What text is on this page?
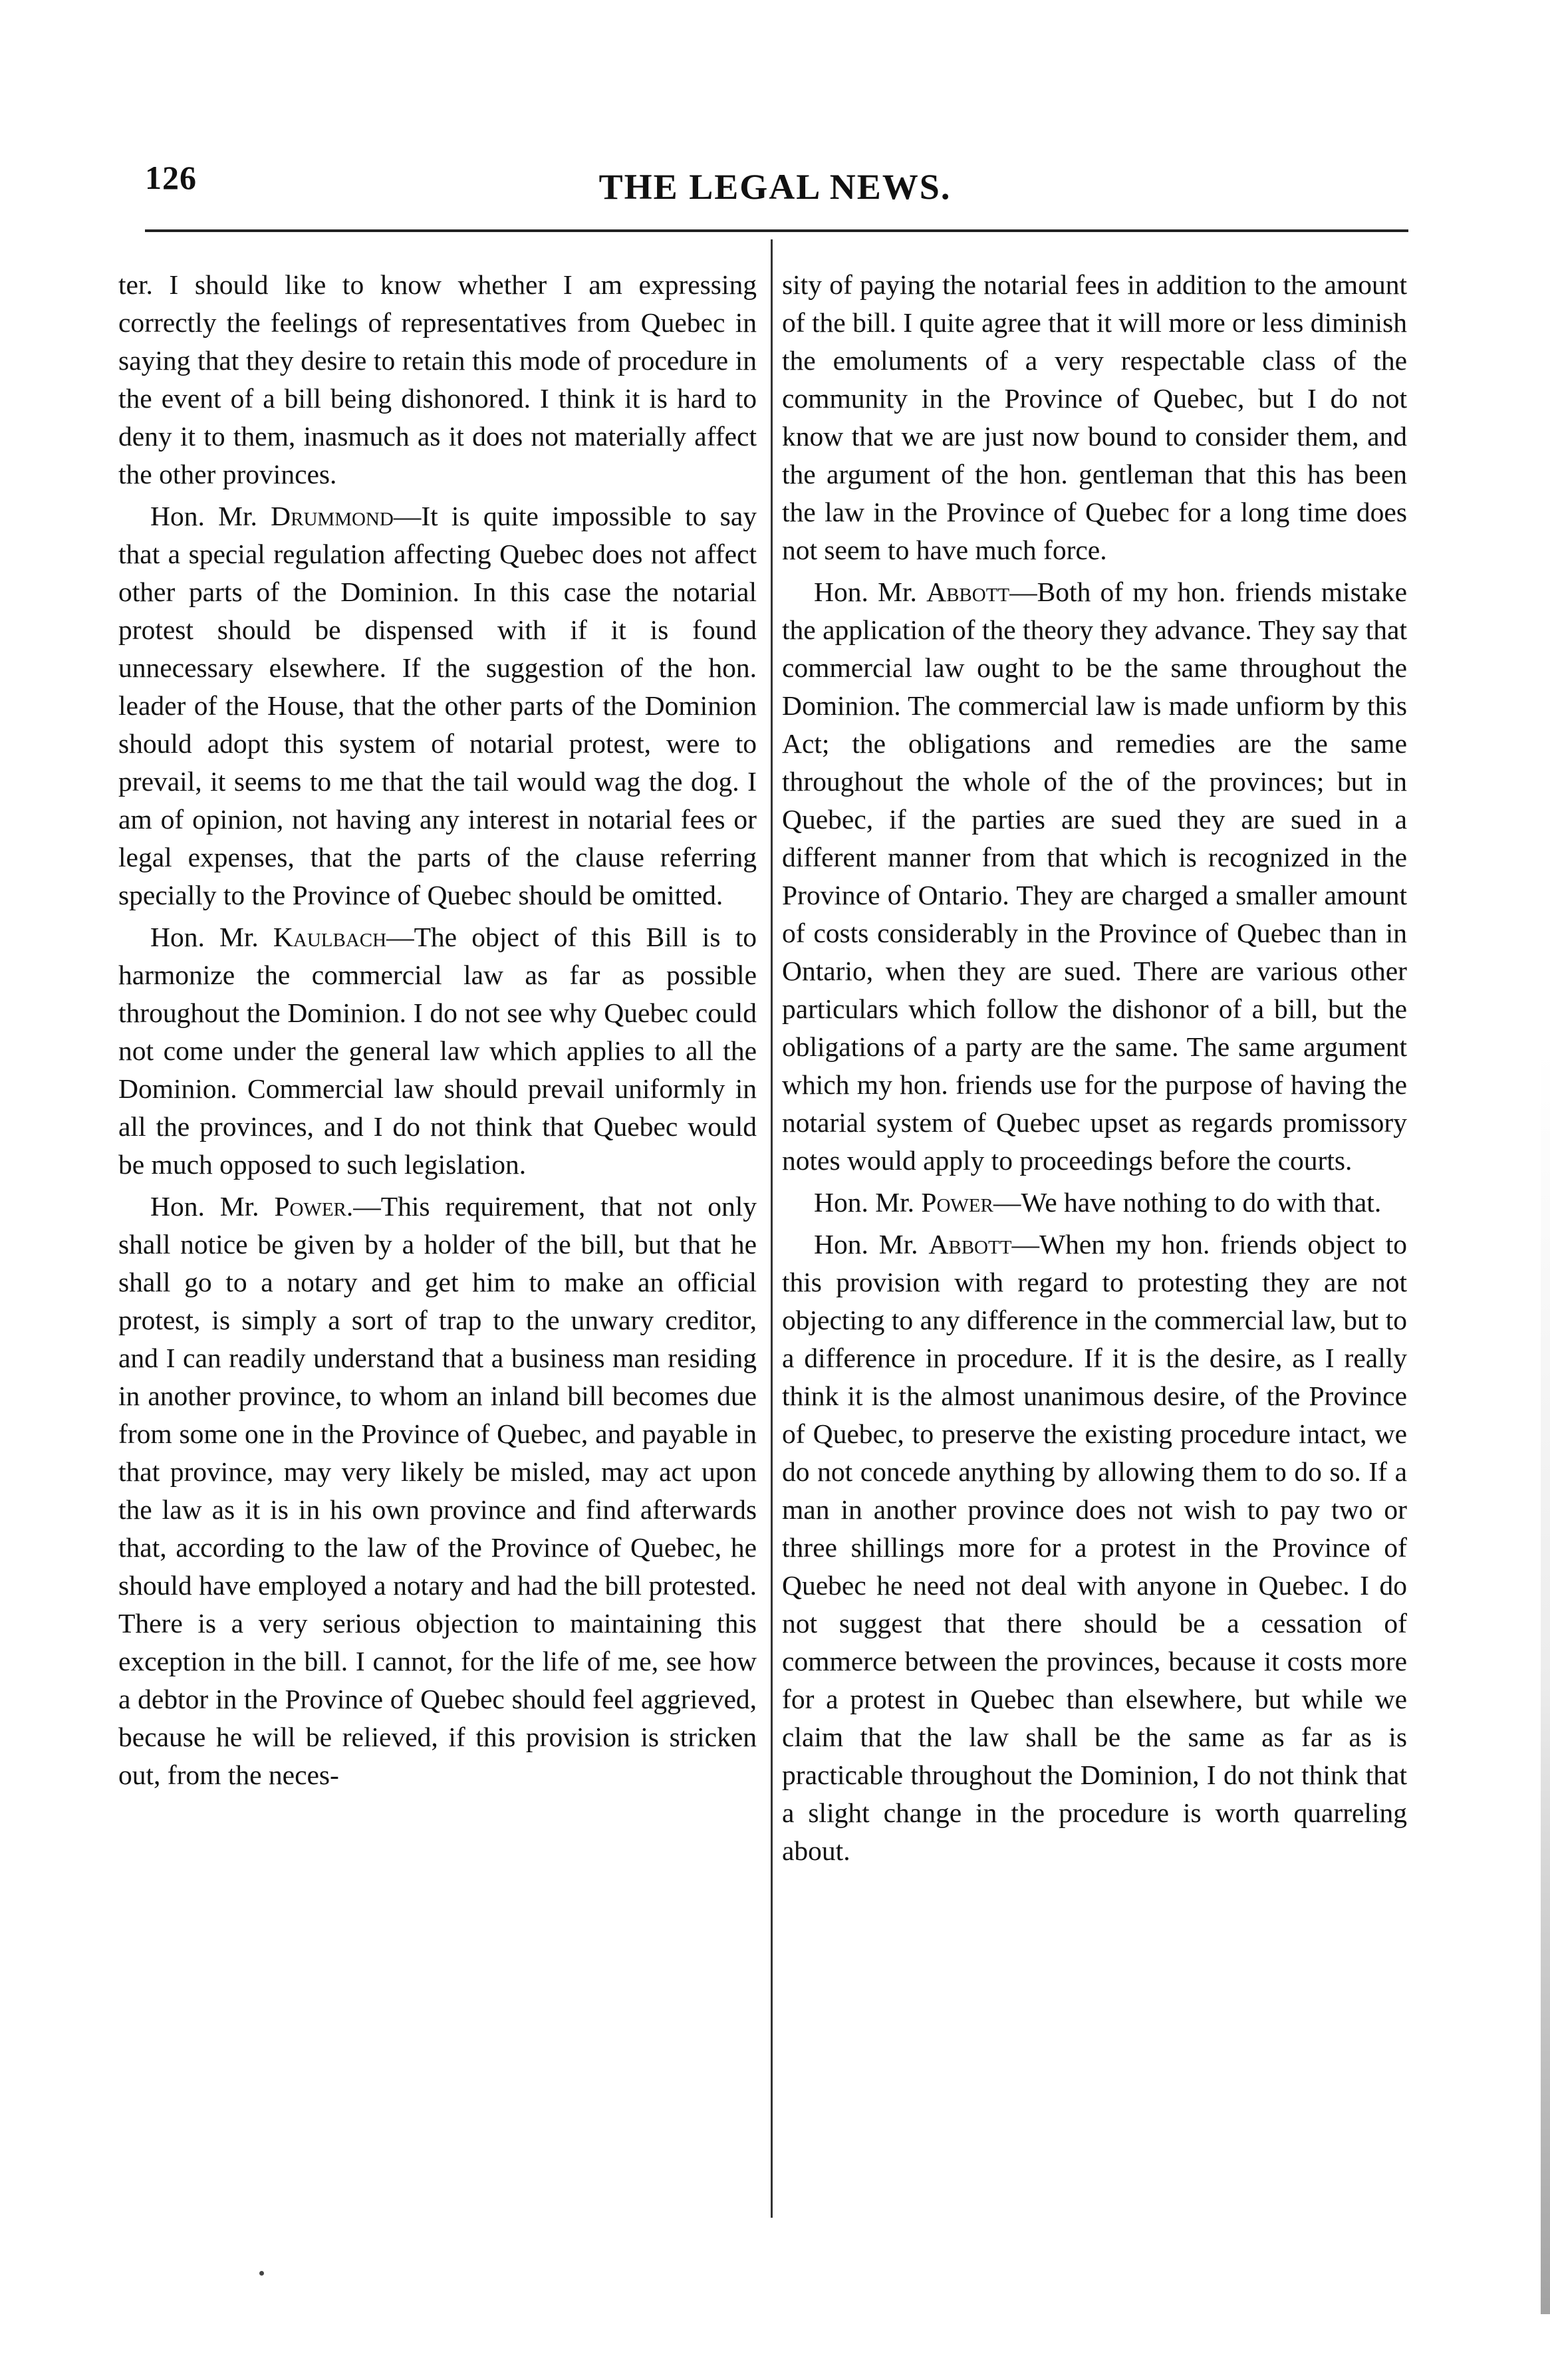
126	THE LEGAL NEWS.

ter. I should like to know whether I am expressing correctly the feelings of representatives from Quebec in saying that they desire to retain this mode of procedure in the event of a bill being dishonored. I think it is hard to deny it to them, inasmuch as it does not materially affect the other provinces.

Hon. Mr. Drummond—It is quite impossible to say that a special regulation affecting Quebec does not affect other parts of the Dominion. In this case the notarial protest should be dispensed with if it is found unnecessary elsewhere. If the suggestion of the hon. leader of the House, that the other parts of the Dominion should adopt this system of notarial protest, were to prevail, it seems to me that the tail would wag the dog. I am of opinion, not having any interest in notarial fees or legal expenses, that the parts of the clause referring specially to the Province of Quebec should be omitted.

Hon. Mr. Kaulbach—The object of this Bill is to harmonize the commercial law as far as possible throughout the Dominion. I do not see why Quebec could not come under the general law which applies to all the Dominion. Commercial law should prevail uniformly in all the provinces, and I do not think that Quebec would be much opposed to such legislation.

Hon. Mr. Power.—This requirement, that not only shall notice be given by a holder of the bill, but that he shall go to a notary and get him to make an official protest, is simply a sort of trap to the unwary creditor, and I can readily understand that a business man residing in another province, to whom an inland bill becomes due from some one in the Province of Quebec, and payable in that province, may very likely be misled, may act upon the law as it is in his own province and find afterwards that, according to the law of the Province of Quebec, he should have employed a notary and had the bill protested. There is a very serious objection to maintaining this exception in the bill. I cannot, for the life of me, see how a debtor in the Province of Quebec should feel aggrieved, because he will be relieved, if this provision is stricken out, from the neces-

sity of paying the notarial fees in addition to the amount of the bill. I quite agree that it will more or less diminish the emoluments of a very respectable class of the community in the Province of Quebec, but I do not know that we are just now bound to consider them, and the argument of the hon. gentleman that this has been the law in the Province of Quebec for a long time does not seem to have much force.

Hon. Mr. Abbott—Both of my hon. friends mistake the application of the theory they advance. They say that commercial law ought to be the same throughout the Dominion. The commercial law is made unfiorm by this Act; the obligations and remedies are the same throughout the whole of the of the provinces; but in Quebec, if the parties are sued they are sued in a different manner from that which is recognized in the Province of Ontario. They are charged a smaller amount of costs considerably in the Province of Quebec than in Ontario, when they are sued. There are various other particulars which follow the dishonor of a bill, but the obligations of a party are the same. The same argument which my hon. friends use for the purpose of having the notarial system of Quebec upset as regards promissory notes would apply to proceedings before the courts.

Hon. Mr. Power—We have nothing to do with that.

Hon. Mr. Abbott—When my hon. friends object to this provision with regard to protesting they are not objecting to any difference in the commercial law, but to a difference in procedure. If it is the desire, as I really think it is the almost unanimous desire, of the Province of Quebec, to preserve the existing procedure intact, we do not concede anything by allowing them to do so. If a man in another province does not wish to pay two or three shillings more for a protest in the Province of Quebec he need not deal with anyone in Quebec. I do not suggest that there should be a cessation of commerce between the provinces, because it costs more for a protest in Quebec than elsewhere, but while we claim that the law shall be the same as far as is practicable throughout the Dominion, I do not think that a slight change in the procedure is worth quarreling about.
